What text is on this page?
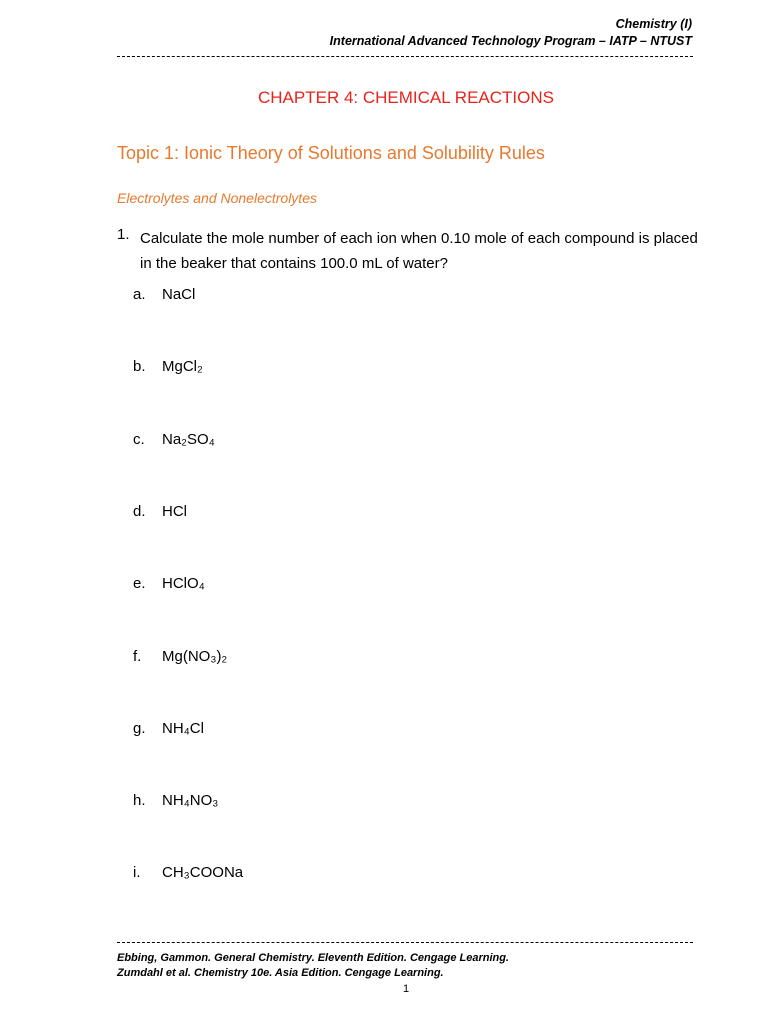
Chemistry (I)
International Advanced Technology Program – IATP – NTUST
CHAPTER 4: CHEMICAL REACTIONS
Topic 1: Ionic Theory of Solutions and Solubility Rules
Electrolytes and Nonelectrolytes
1. Calculate the mole number of each ion when 0.10 mole of each compound is placed in the beaker that contains 100.0 mL of water?
a. NaCl
b. MgCl₂
c. Na₂SO₄
d. HCl
e. HClO₄
f. Mg(NO₃)₂
g. NH₄Cl
h. NH₄NO₃
i. CH₃COONa
Ebbing, Gammon. General Chemistry. Eleventh Edition. Cengage Learning.
Zumdahl et al. Chemistry 10e. Asia Edition. Cengage Learning.
1
